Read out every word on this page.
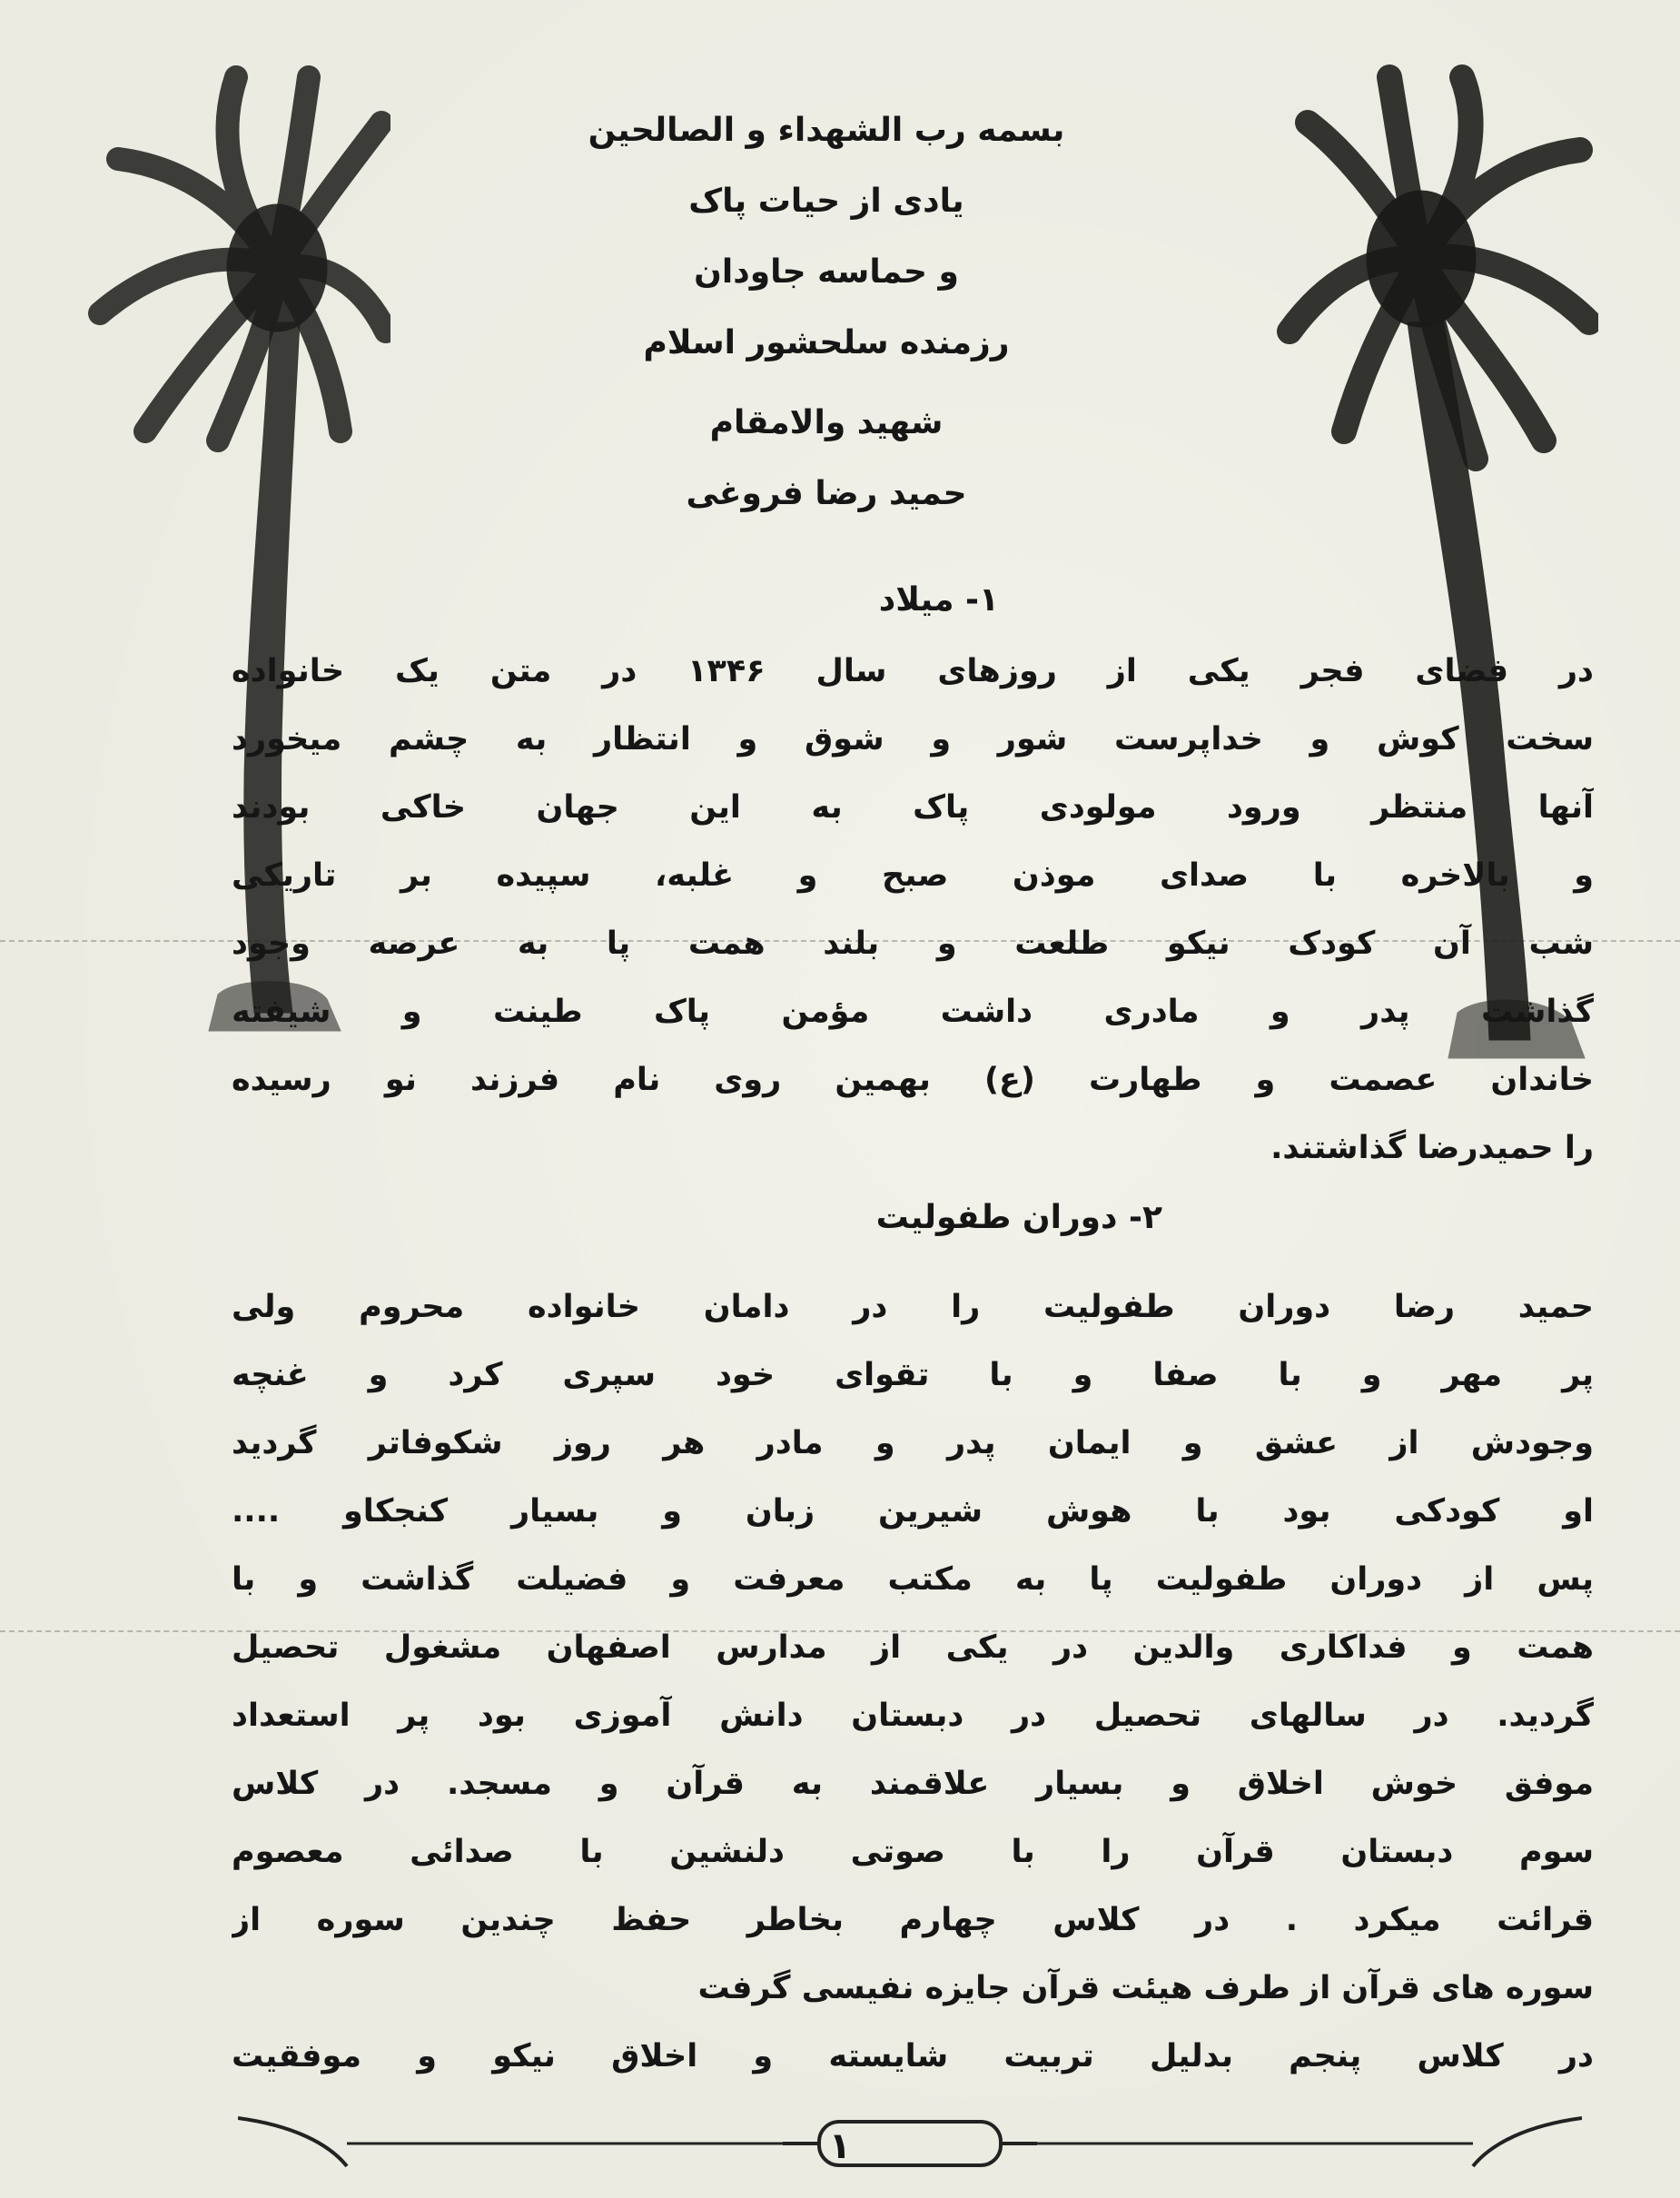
بسمه رب الشهداء و الصالحین
یادی از حیات پاک
و حماسه جاودان
رزمنده سلحشور اسلام
شهید والامقام
حمید رضا فروغی
۱- میلاد
در فضای فجر یکی از روزهای سال ۱۳۴۶ در متن یک خانواده
سخت کوش و خداپرست شور و شوق و انتظار به چشم میخورد
آنها منتظر ورود مولودی پاک به این جهان خاکی بودند
و بالاخره با صدای موذن صبح و غلبه، سپیده بر تاریکی
شب آن کودک نیکو طلعت و بلند همت پا به عرصه وجود
گذاشت پدر و مادری داشت مؤمن پاک طینت و شیفته
خاندان عصمت و طهارت (ع) بهمین روی نام فرزند نو رسیده
را حمیدرضا گذاشتند.
۲- دوران طفولیت
حمید رضا دوران طفولیت را در دامان خانواده محروم ولی
پر مهر و با صفا و با تقوای خود سپری کرد و غنچه
وجودش از عشق و ایمان پدر و مادر هر روز شکوفاتر گردید
او کودکی بود با هوش شیرین زبان و بسیار کنجکاو ....
پس از دوران طفولیت پا به مکتب معرفت و فضیلت گذاشت و با
همت و فداکاری والدین در یکی از مدارس اصفهان مشغول تحصیل
گردید. در سالهای تحصیل در دبستان دانش آموزی بود پر استعداد
موفق خوش اخلاق و بسیار علاقمند به قرآن و مسجد. در کلاس
سوم دبستان قرآن را با صوتی دلنشین با صدائی معصوم
قرائت میکرد . در کلاس چهارم بخاطر حفظ چندین سوره از
سوره های قرآن از طرف هیئت قرآن جایزه نفیسی گرفت
در کلاس پنجم بدلیل تربیت شایسته و اخلاق نیکو و موفقیت
۱
